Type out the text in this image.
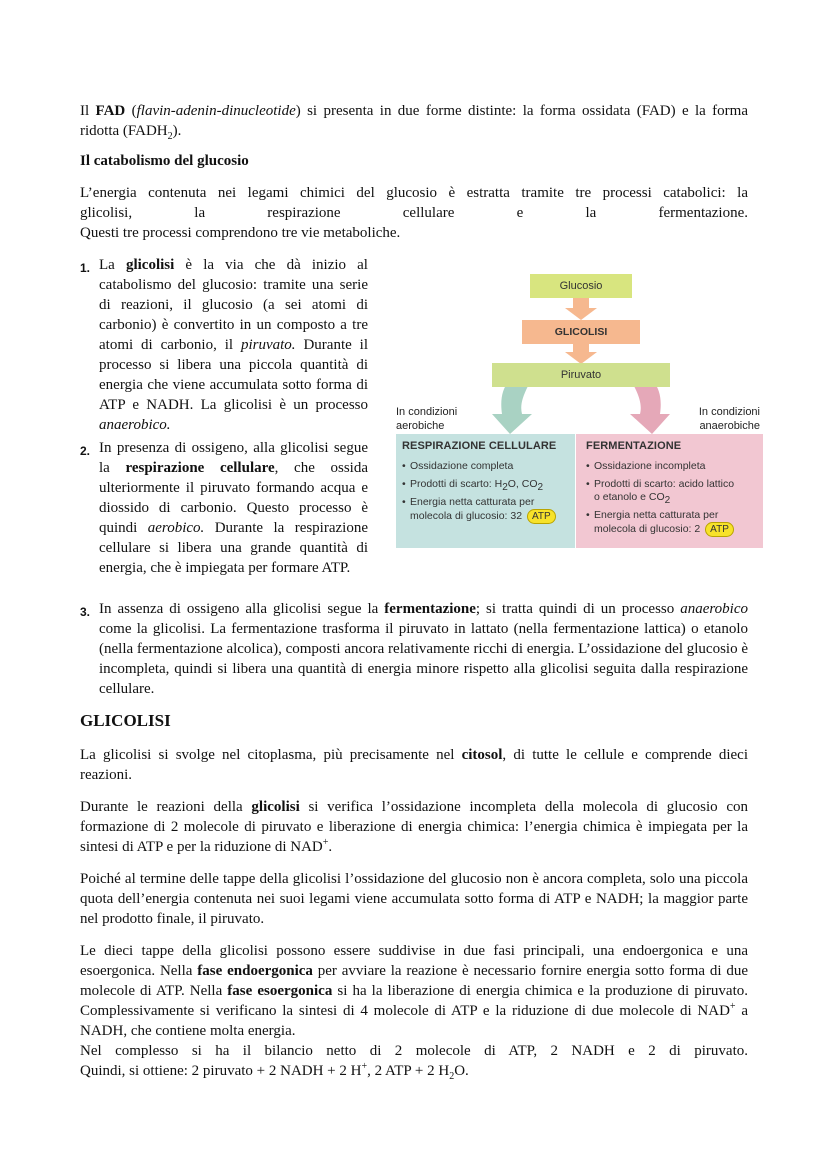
Il FAD (flavin-adenin-dinucleotide) si presenta in due forme distinte: la forma ossidata (FAD) e la forma ridotta $(FADH_2)$.

Il catabolismo del glucosio

L’energia contenuta nei legami chimici del glucosio è estratta tramite tre processi catabolici: la

glicolisi, la respirazione cellulare e la fermentazione.

Questi tre processi comprendono tre vie metaboliche.

1. La glicolisi è la via che dà inizio al catabolismo del glucosio: tramite una serie di reazioni, il glucosio (a sei atomi di carbonio) è convertito in un composto a tre atomi di carbonio, il piruvato. Durante il processo si libera una piccola quantità di energia che viene accumulata sotto forma di ATP e NADH. La glicolisi è un processo anaerobico.
2. In presenza di ossigeno, alla glicolisi segue la respirazione cellulare, che ossida ulteriormente il piruvato formando acqua e diossido di carbonio. Questo processo è quindi aerobico. Durante la respirazione cellulare si libera una grande quantità di energia, che è impiegata per formare ATP.
3. In assenza di ossigeno alla glicolisi segue la fermentazione; si tratta quindi di un processo anaerobico come la glicolisi. La fermentazione trasforma il piruvato in lattato (nella fermentazione lattica) o etanolo (nella fermentazione alcolica), composti ancora relativamente ricchi di energia. L’ossidazione del glucosio è incompleta, quindi si libera una quantità di energia minore rispetto alla glicolisi seguita dalla respirazione cellulare.
Glucosio
GLICOLISI
Piruvato
In condizioni
aerobiche
In condizioni
anaerobiche
RESPIRAZIONE CELLULARE
• Ossidazione completa
• Prodotti di scarto: $H_2O$, $CO_2$
• Energia netta catturata per
molecola di glucosio: 32 ATP
FERMENTAZIONE
• Ossidazione incompleta
• Prodotti di scarto: acido lattico
o etanolo e $CO_2$
• Energia netta catturata per
molecola di glucosio: 2 ATP

GLICOLISI

La glicolisi si svolge nel citoplasma, più precisamente nel citosol, di tutte le cellule e comprende dieci reazioni.

Durante le reazioni della glicolisi si verifica l’ossidazione incompleta della molecola di glucosio con formazione di 2 molecole di piruvato e liberazione di energia chimica: l’energia chimica è impiegata per la sintesi di ATP e per la riduzione di NAD+.

Poiché al termine delle tappe della glicolisi l’ossidazione del glucosio non è ancora completa, solo una piccola quota dell’energia contenuta nei suoi legami viene accumulata sotto forma di ATP e NADH; la maggior parte nel prodotto finale, il piruvato.

Le dieci tappe della glicolisi possono essere suddivise in due fasi principali, una endoergonica e una esoergonica. Nella fase endoergonica per avviare la reazione è necessario fornire energia sotto forma di due molecole di ATP. Nella fase esoergonica si ha la liberazione di energia chimica e la produzione di piruvato. Complessivamente si verificano la sintesi di 4 molecole di ATP e la riduzione di due molecole di NAD+ a NADH, che contiene molta energia.

Nel complesso si ha il bilancio netto di 2 molecole di ATP, 2 NADH e 2 di piruvato.

Quindi, si ottiene: 2 piruvato + 2 NADH + 2 H+, 2 ATP + 2 $H_2O$.
